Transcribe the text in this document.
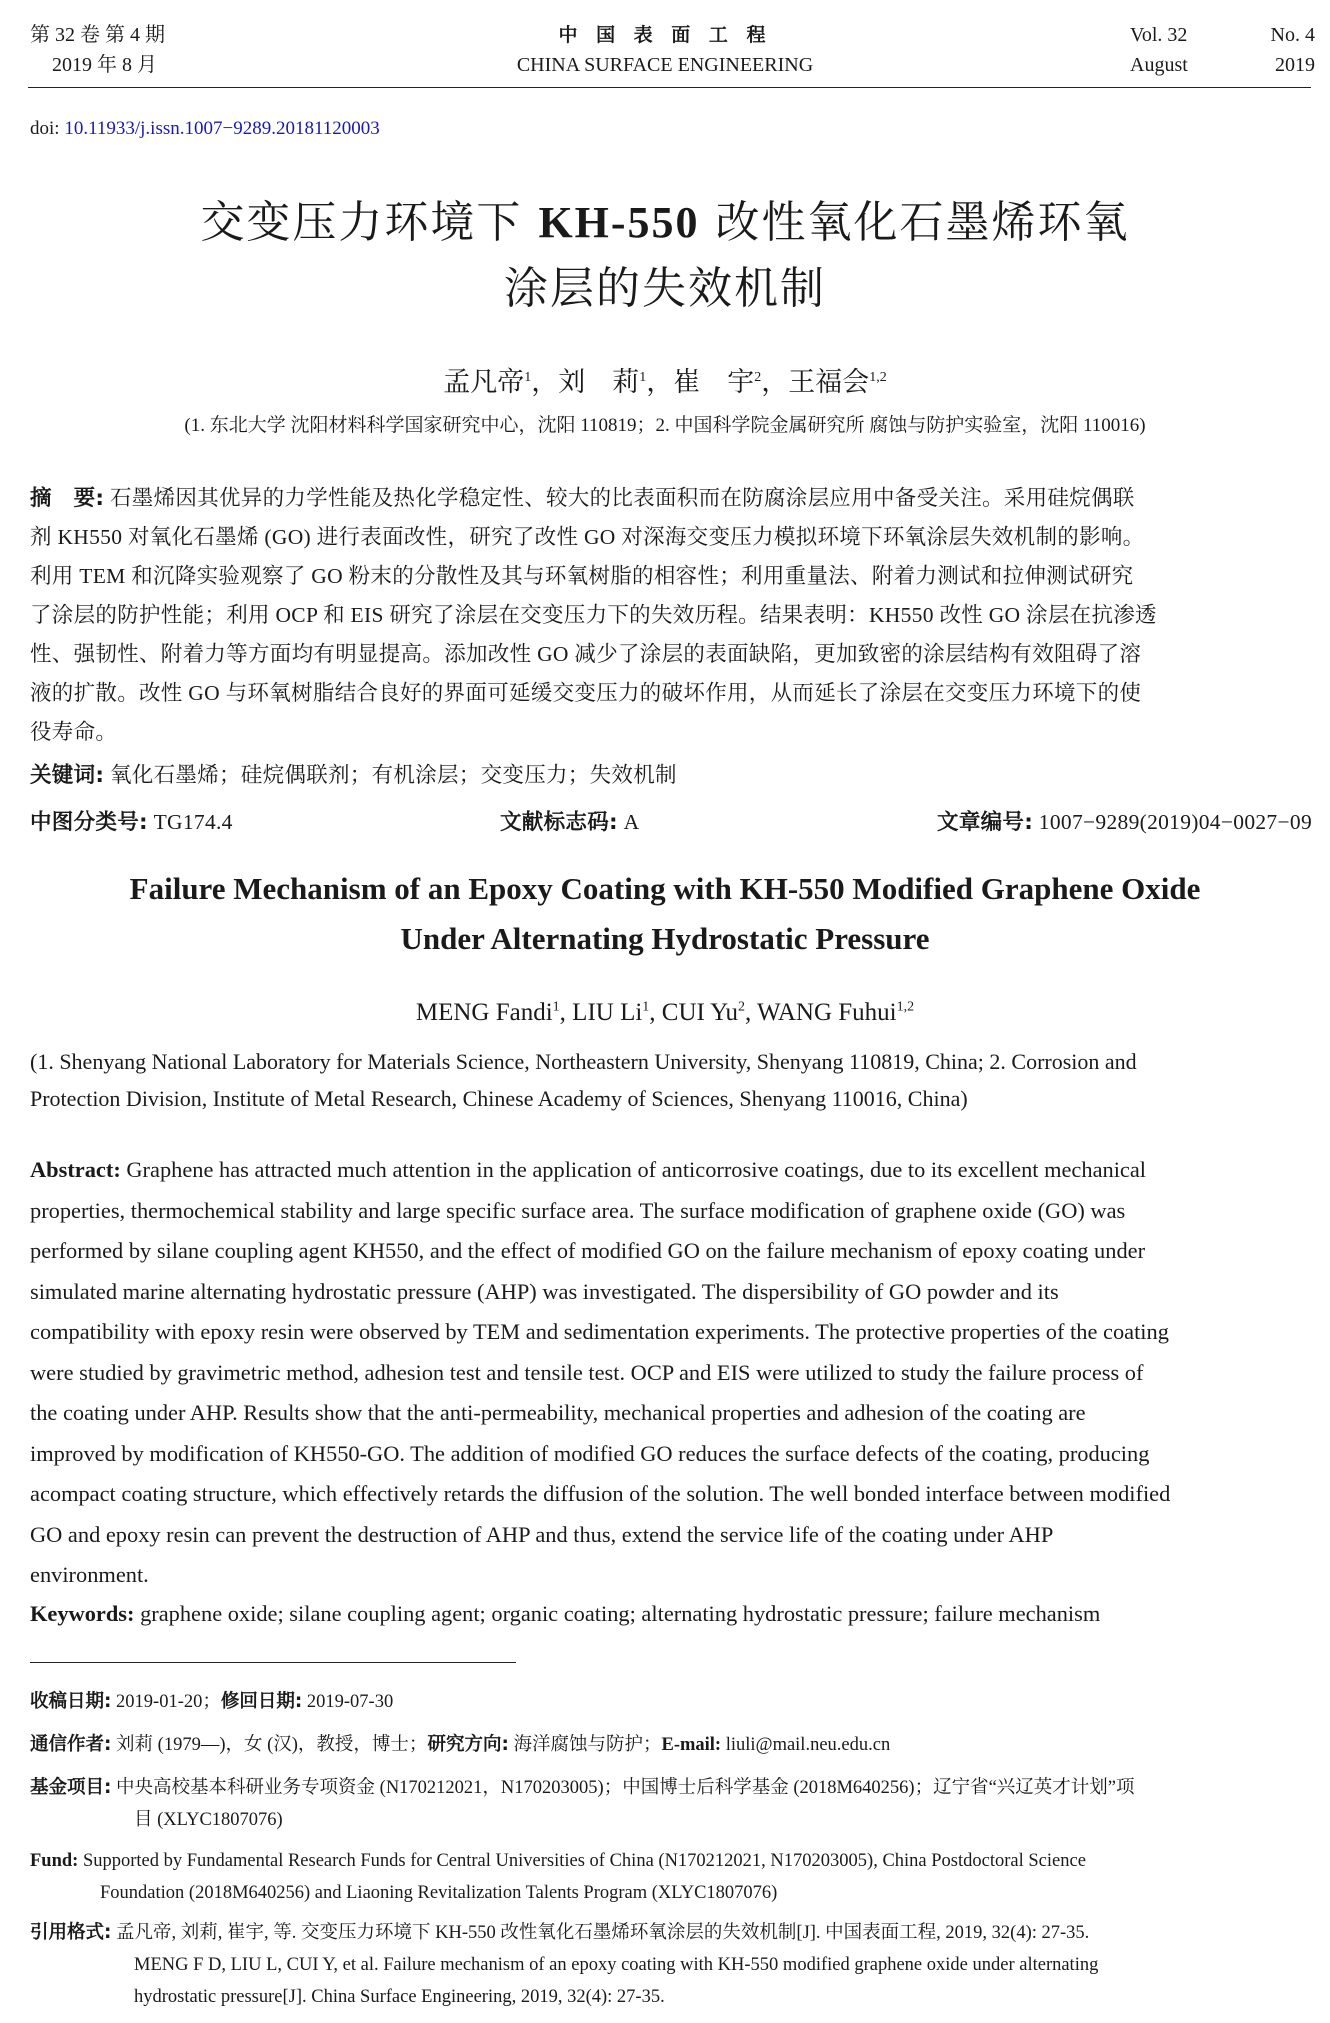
第 32 卷 第 4 期
2019 年 8 月
中 国 表 面 工 程
CHINA SURFACE ENGINEERING
Vol. 32	No. 4
August	2019
doi: 10.11933/j.issn.1007−9289.20181120003
交变压力环境下 KH-550 改性氧化石墨烯环氧
涂层的失效机制
孟凡帝$^1$，刘　莉$^1$，崔　宇$^2$，王福会$^{1,2}$
(1. 东北大学 沈阳材料科学国家研究中心，沈阳 110819；2. 中国科学院金属研究所 腐蚀与防护实验室，沈阳 110016)
摘　要: 石墨烯因其优异的力学性能及热化学稳定性、较大的比表面积而在防腐涂层应用中备受关注。采用硅烷偶联
剂 KH550 对氧化石墨烯 (GO) 进行表面改性，研究了改性 GO 对深海交变压力模拟环境下环氧涂层失效机制的影响。
利用 TEM 和沉降实验观察了 GO 粉末的分散性及其与环氧树脂的相容性；利用重量法、附着力测试和拉伸测试研究
了涂层的防护性能；利用 OCP 和 EIS 研究了涂层在交变压力下的失效历程。结果表明：KH550 改性 GO 涂层在抗渗透
性、强韧性、附着力等方面均有明显提高。添加改性 GO 减少了涂层的表面缺陷，更加致密的涂层结构有效阻碍了溶
液的扩散。改性 GO 与环氧树脂结合良好的界面可延缓交变压力的破坏作用，从而延长了涂层在交变压力环境下的使
役寿命。
关键词: 氧化石墨烯；硅烷偶联剂；有机涂层；交变压力；失效机制
中图分类号: TG174.4	文献标志码: A	文章编号: 1007−9289(2019)04−0027−09
Failure Mechanism of an Epoxy Coating with KH-550 Modified Graphene Oxide
Under Alternating Hydrostatic Pressure
MENG Fandi$^1$, LIU Li$^1$, CUI Yu$^2$, WANG Fuhui$^{1,2}$
(1. Shenyang National Laboratory for Materials Science, Northeastern University, Shenyang 110819, China; 2. Corrosion and
Protection Division, Institute of Metal Research, Chinese Academy of Sciences, Shenyang 110016, China)
Abstract: Graphene has attracted much attention in the application of anticorrosive coatings, due to its excellent mechanical
properties, thermochemical stability and large specific surface area. The surface modification of graphene oxide (GO) was
performed by silane coupling agent KH550, and the effect of modified GO on the failure mechanism of epoxy coating under
simulated marine alternating hydrostatic pressure (AHP) was investigated. The dispersibility of GO powder and its
compatibility with epoxy resin were observed by TEM and sedimentation experiments. The protective properties of the coating
were studied by gravimetric method, adhesion test and tensile test. OCP and EIS were utilized to study the failure process of
the coating under AHP. Results show that the anti-permeability, mechanical properties and adhesion of the coating are
improved by modification of KH550-GO. The addition of modified GO reduces the surface defects of the coating, producing
acompact coating structure, which effectively retards the diffusion of the solution. The well bonded interface between modified
GO and epoxy resin can prevent the destruction of AHP and thus, extend the service life of the coating under AHP
environment.
Keywords: graphene oxide; silane coupling agent; organic coating; alternating hydrostatic pressure; failure mechanism
收稿日期: 2019-01-20；修回日期: 2019-07-30
通信作者: 刘莉 (1979—)，女 (汉)，教授，博士；研究方向: 海洋腐蚀与防护；E-mail: liuli@mail.neu.edu.cn
基金项目: 中央高校基本科研业务专项资金 (N170212021，N170203005)；中国博士后科学基金 (2018M640256)；辽宁省“兴辽英才计划”项
目 (XLYC1807076)
Fund: Supported by Fundamental Research Funds for Central Universities of China (N170212021, N170203005), China Postdoctoral Science
Foundation (2018M640256) and Liaoning Revitalization Talents Program (XLYC1807076)
引用格式: 孟凡帝, 刘莉, 崔宇, 等. 交变压力环境下 KH-550 改性氧化石墨烯环氧涂层的失效机制[J]. 中国表面工程, 2019, 32(4): 27-35.
MENG F D, LIU L, CUI Y, et al. Failure mechanism of an epoxy coating with KH-550 modified graphene oxide under alternating
hydrostatic pressure[J]. China Surface Engineering, 2019, 32(4): 27-35.
